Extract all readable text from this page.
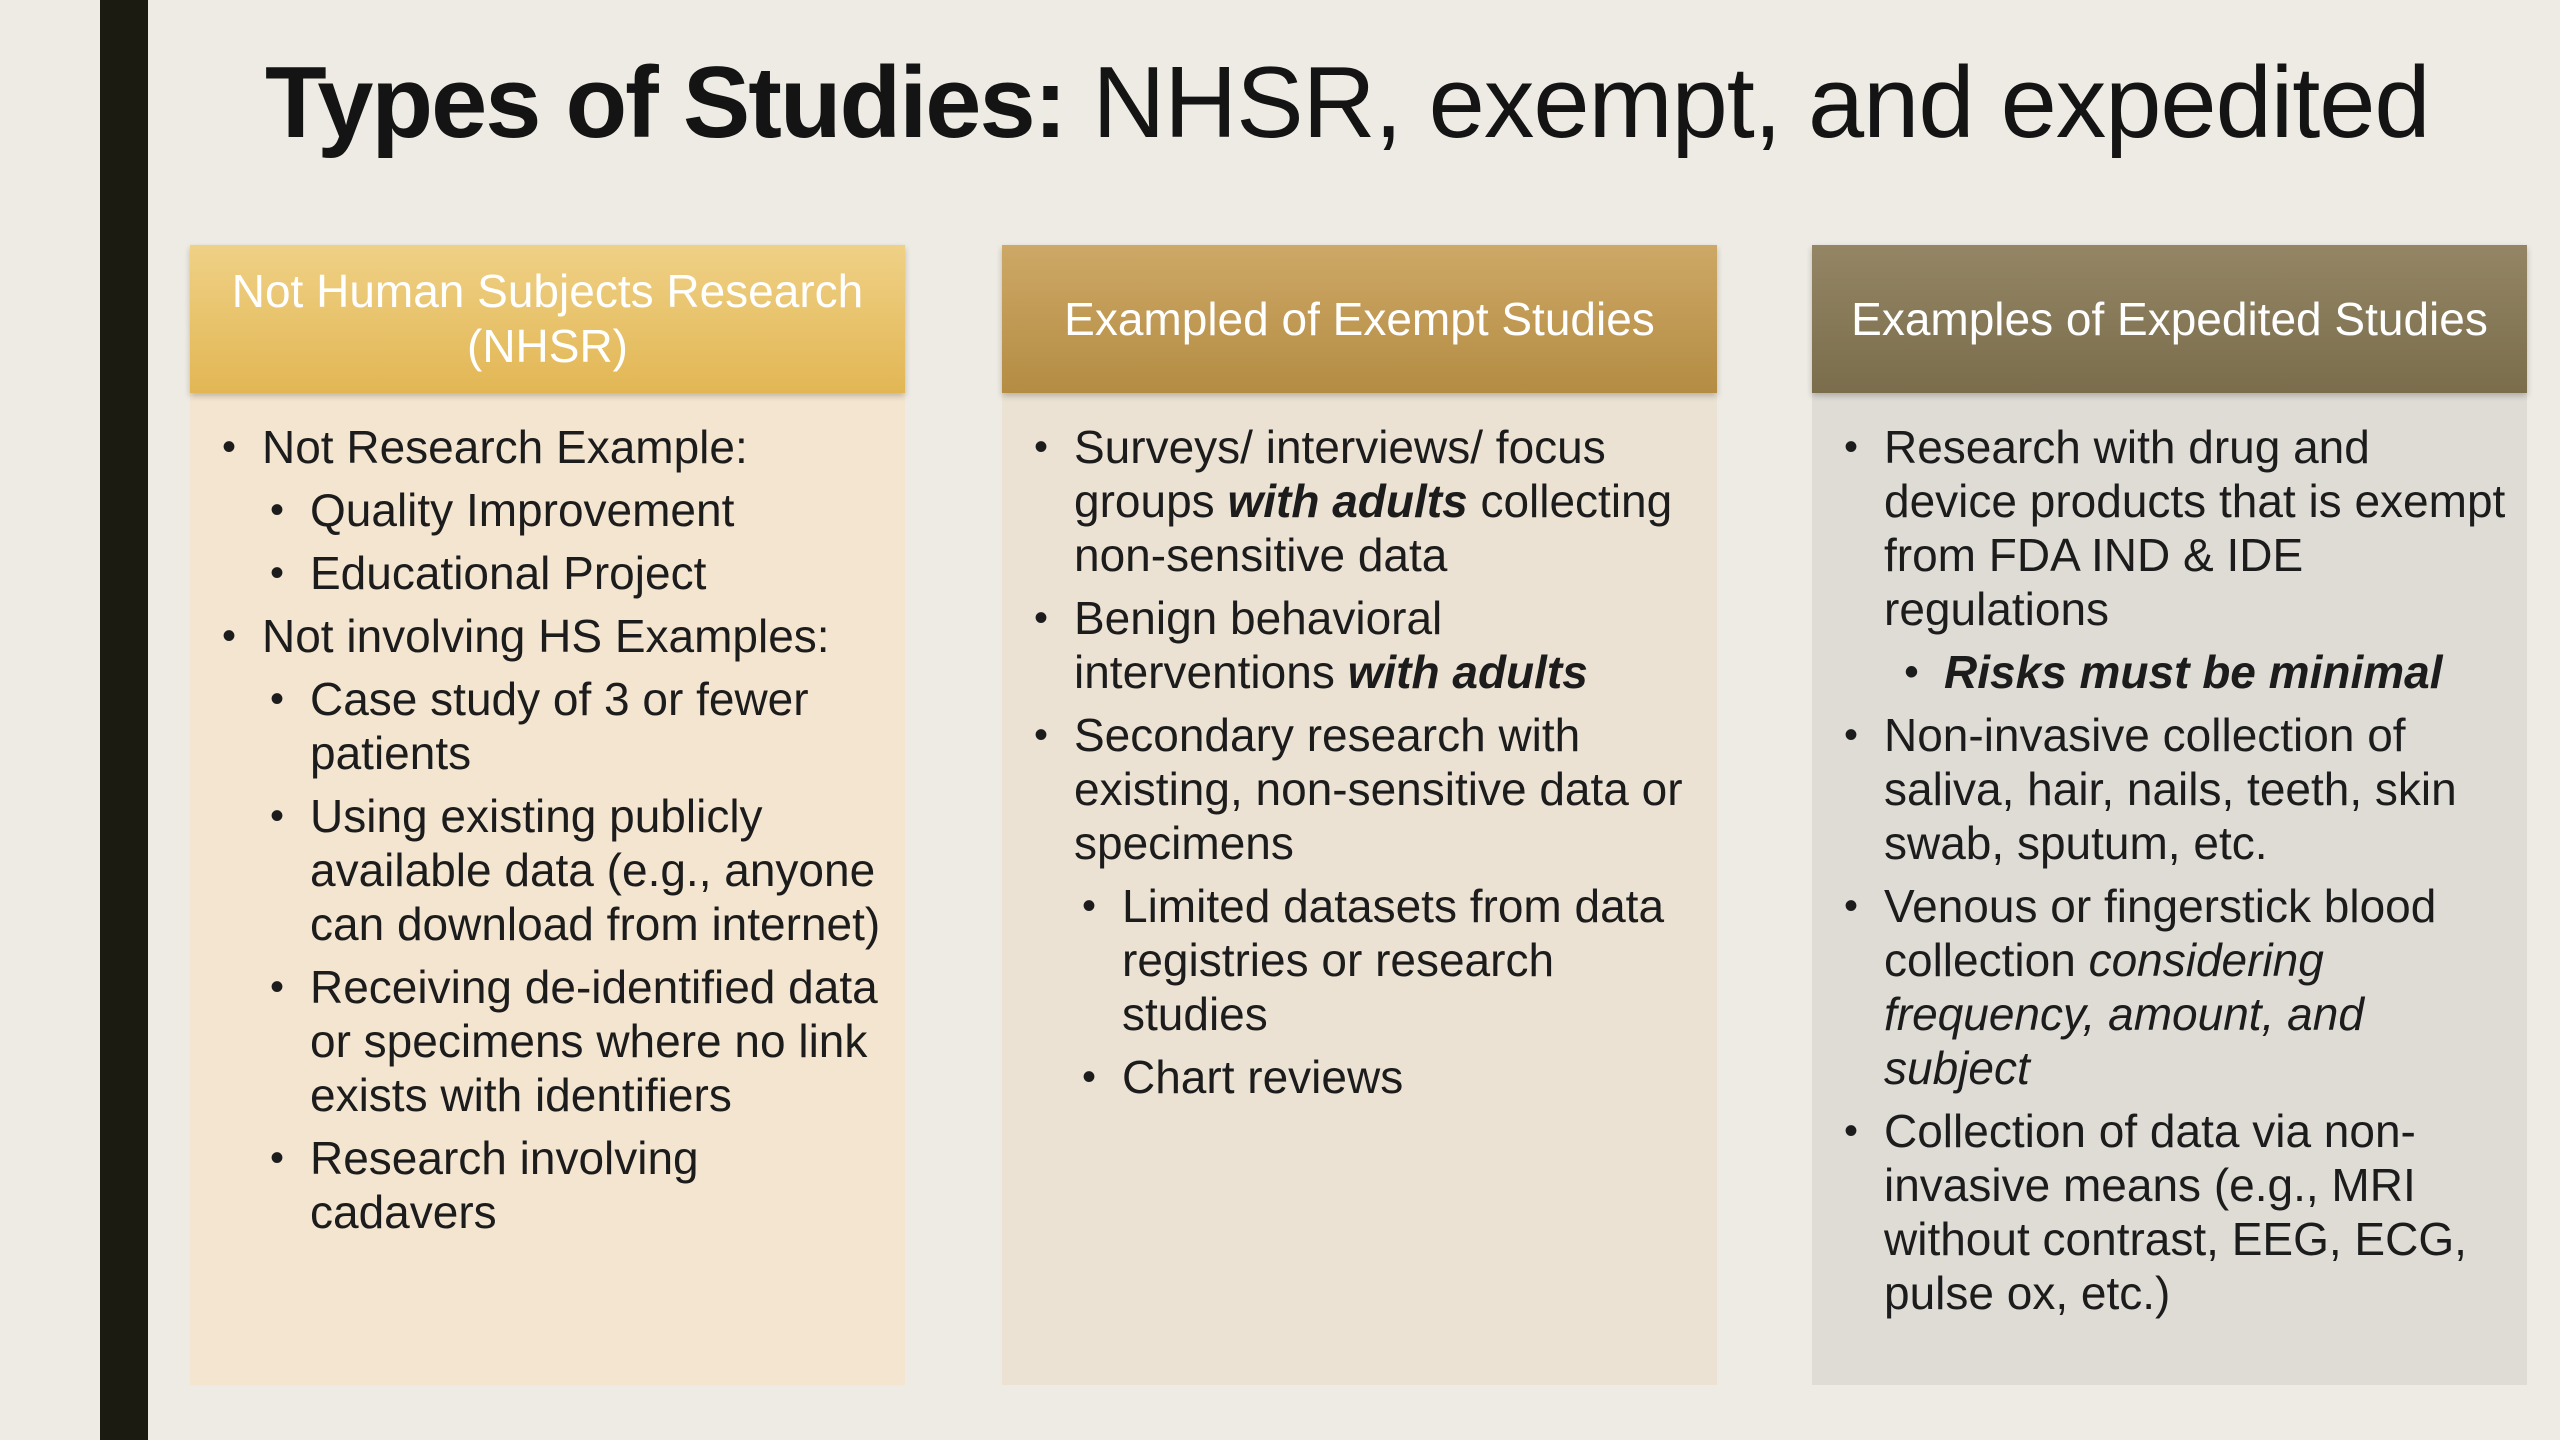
Types of Studies: NHSR, exempt, and expedited
Not Human Subjects Research (NHSR)
• Not Research Example:
• Quality Improvement
• Educational Project
• Not involving HS Examples:
• Case study of 3 or fewer patients
• Using existing publicly available data (e.g., anyone can download from internet)
• Receiving de-identified data or specimens where no link exists with identifiers
• Research involving cadavers
Exampled of Exempt Studies
• Surveys/ interviews/ focus groups with adults collecting non-sensitive data
• Benign behavioral interventions with adults
• Secondary research with existing, non-sensitive data or specimens
• Limited datasets from data registries or research studies
• Chart reviews
Examples of Expedited Studies
• Research with drug and device products that is exempt from FDA IND & IDE regulations
• Risks must be minimal
• Non-invasive collection of saliva, hair, nails, teeth, skin swab, sputum, etc.
• Venous or fingerstick blood collection considering frequency, amount, and subject
• Collection of data via non-invasive means (e.g., MRI without contrast, EEG, ECG, pulse ox, etc.)
